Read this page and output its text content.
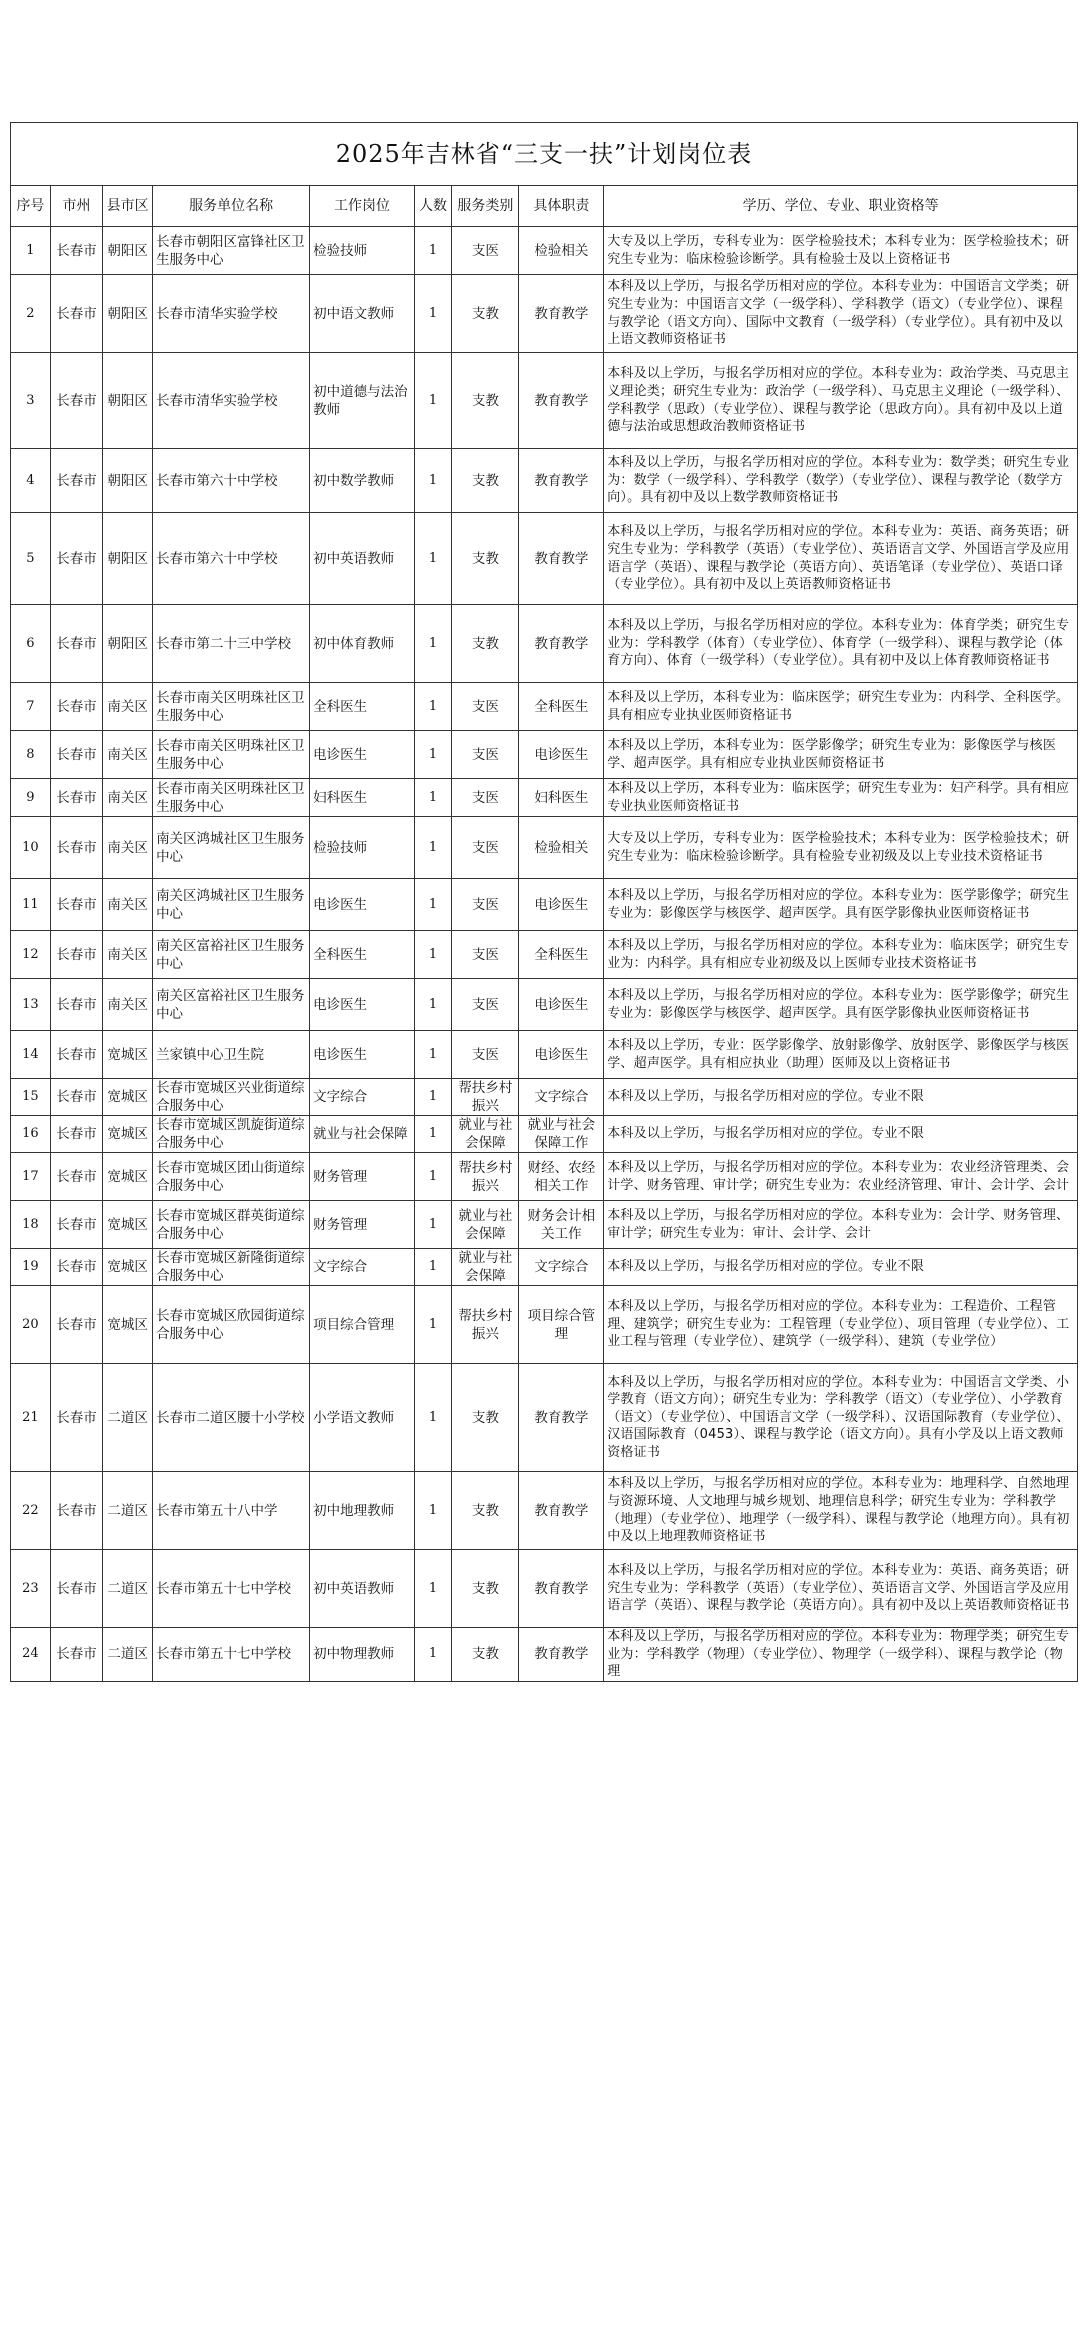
2025年吉林省“三支一扶”计划岗位表								
序号	市州	县市区	服务单位名称	工作岗位	人数	服务类别	具体职责	学历、学位、专业、职业资格等
1	长春市	朝阳区	长春市朝阳区富锋社区卫生服务中心	检验技师	1	支医	检验相关	大专及以上学历，专科专业为：医学检验技术；本科专业为：医学检验技术；研究生专业为：临床检验诊断学。具有检验士及以上资格证书
2	长春市	朝阳区	长春市清华实验学校	初中语文教师	1	支教	教育教学	本科及以上学历，与报名学历相对应的学位。本科专业为：中国语言文学类；研究生专业为：中国语言文学（一级学科）、学科教学（语文）（专业学位）、课程与教学论（语文方向）、国际中文教育（一级学科）（专业学位）。具有初中及以上语文教师资格证书
3	长春市	朝阳区	长春市清华实验学校	初中道德与法治教师	1	支教	教育教学	本科及以上学历，与报名学历相对应的学位。本科专业为：政治学类、马克思主义理论类；研究生专业为：政治学（一级学科）、马克思主义理论（一级学科）、学科教学（思政）（专业学位）、课程与教学论（思政方向）。具有初中及以上道德与法治或思想政治教师资格证书
4	长春市	朝阳区	长春市第六十中学校	初中数学教师	1	支教	教育教学	本科及以上学历，与报名学历相对应的学位。本科专业为：数学类；研究生专业为：数学（一级学科）、学科教学（数学）（专业学位）、课程与教学论（数学方向）。具有初中及以上数学教师资格证书
5	长春市	朝阳区	长春市第六十中学校	初中英语教师	1	支教	教育教学	本科及以上学历，与报名学历相对应的学位。本科专业为：英语、商务英语；研究生专业为：学科教学（英语）（专业学位）、英语语言文学、外国语言学及应用语言学（英语）、课程与教学论（英语方向）、英语笔译（专业学位）、英语口译（专业学位）。具有初中及以上英语教师资格证书
6	长春市	朝阳区	长春市第二十三中学校	初中体育教师	1	支教	教育教学	本科及以上学历，与报名学历相对应的学位。本科专业为：体育学类；研究生专业为：学科教学（体育）（专业学位）、体育学（一级学科）、课程与教学论（体育方向）、体育（一级学科）（专业学位）。具有初中及以上体育教师资格证书
7	长春市	南关区	长春市南关区明珠社区卫生服务中心	全科医生	1	支医	全科医生	本科及以上学历，本科专业为：临床医学；研究生专业为：内科学、全科医学。具有相应专业执业医师资格证书
8	长春市	南关区	长春市南关区明珠社区卫生服务中心	电诊医生	1	支医	电诊医生	本科及以上学历，本科专业为：医学影像学；研究生专业为：影像医学与核医学、超声医学。具有相应专业执业医师资格证书
9	长春市	南关区	长春市南关区明珠社区卫生服务中心	妇科医生	1	支医	妇科医生	本科及以上学历，本科专业为：临床医学；研究生专业为：妇产科学。具有相应专业执业医师资格证书
10	长春市	南关区	南关区鸿城社区卫生服务中心	检验技师	1	支医	检验相关	大专及以上学历，专科专业为：医学检验技术；本科专业为：医学检验技术；研究生专业为：临床检验诊断学。具有检验专业初级及以上专业技术资格证书
11	长春市	南关区	南关区鸿城社区卫生服务中心	电诊医生	1	支医	电诊医生	本科及以上学历，与报名学历相对应的学位。本科专业为：医学影像学；研究生专业为：影像医学与核医学、超声医学。具有医学影像执业医师资格证书
12	长春市	南关区	南关区富裕社区卫生服务中心	全科医生	1	支医	全科医生	本科及以上学历，与报名学历相对应的学位。本科专业为：临床医学；研究生专业为：内科学。具有相应专业初级及以上医师专业技术资格证书
13	长春市	南关区	南关区富裕社区卫生服务中心	电诊医生	1	支医	电诊医生	本科及以上学历，与报名学历相对应的学位。本科专业为：医学影像学；研究生专业为：影像医学与核医学、超声医学。具有医学影像执业医师资格证书
14	长春市	宽城区	兰家镇中心卫生院	电诊医生	1	支医	电诊医生	本科及以上学历，专业：医学影像学、放射影像学、放射医学、影像医学与核医学、超声医学。具有相应执业（助理）医师及以上资格证书
15	长春市	宽城区	长春市宽城区兴业街道综合服务中心	文字综合	1	帮扶乡村振兴	文字综合	本科及以上学历，与报名学历相对应的学位。专业不限
16	长春市	宽城区	长春市宽城区凯旋街道综合服务中心	就业与社会保障	1	就业与社会保障	就业与社会保障工作	本科及以上学历，与报名学历相对应的学位。专业不限
17	长春市	宽城区	长春市宽城区团山街道综合服务中心	财务管理	1	帮扶乡村振兴	财经、农经相关工作	本科及以上学历，与报名学历相对应的学位。本科专业为：农业经济管理类、会计学、财务管理、审计学；研究生专业为：农业经济管理、审计、会计学、会计
18	长春市	宽城区	长春市宽城区群英街道综合服务中心	财务管理	1	就业与社会保障	财务会计相关工作	本科及以上学历，与报名学历相对应的学位。本科专业为：会计学、财务管理、审计学；研究生专业为：审计、会计学、会计
19	长春市	宽城区	长春市宽城区新隆街道综合服务中心	文字综合	1	就业与社会保障	文字综合	本科及以上学历，与报名学历相对应的学位。专业不限
20	长春市	宽城区	长春市宽城区欣园街道综合服务中心	项目综合管理	1	帮扶乡村振兴	项目综合管理	本科及以上学历，与报名学历相对应的学位。本科专业为：工程造价、工程管理、建筑学；研究生专业为：工程管理（专业学位）、项目管理（专业学位）、工业工程与管理（专业学位）、建筑学（一级学科）、建筑（专业学位）
21	长春市	二道区	长春市二道区腰十小学校	小学语文教师	1	支教	教育教学	本科及以上学历，与报名学历相对应的学位。本科专业为：中国语言文学类、小学教育（语文方向）；研究生专业为：学科教学（语文）（专业学位）、小学教育（语文）（专业学位）、中国语言文学（一级学科）、汉语国际教育（专业学位）、汉语国际教育（0453）、课程与教学论（语文方向）。具有小学及以上语文教师资格证书
22	长春市	二道区	长春市第五十八中学	初中地理教师	1	支教	教育教学	本科及以上学历，与报名学历相对应的学位。本科专业为：地理科学、自然地理与资源环境、人文地理与城乡规划、地理信息科学；研究生专业为：学科教学（地理）（专业学位）、地理学（一级学科）、课程与教学论（地理方向）。具有初中及以上地理教师资格证书
23	长春市	二道区	长春市第五十七中学校	初中英语教师	1	支教	教育教学	本科及以上学历，与报名学历相对应的学位。本科专业为：英语、商务英语；研究生专业为：学科教学（英语）（专业学位）、英语语言文学、外国语言学及应用语言学（英语）、课程与教学论（英语方向）。具有初中及以上英语教师资格证书
24	长春市	二道区	长春市第五十七中学校	初中物理教师	1	支教	教育教学	本科及以上学历，与报名学历相对应的学位。本科专业为：物理学类；研究生专业为：学科教学（物理）（专业学位）、物理学（一级学科）、课程与教学论（物理
